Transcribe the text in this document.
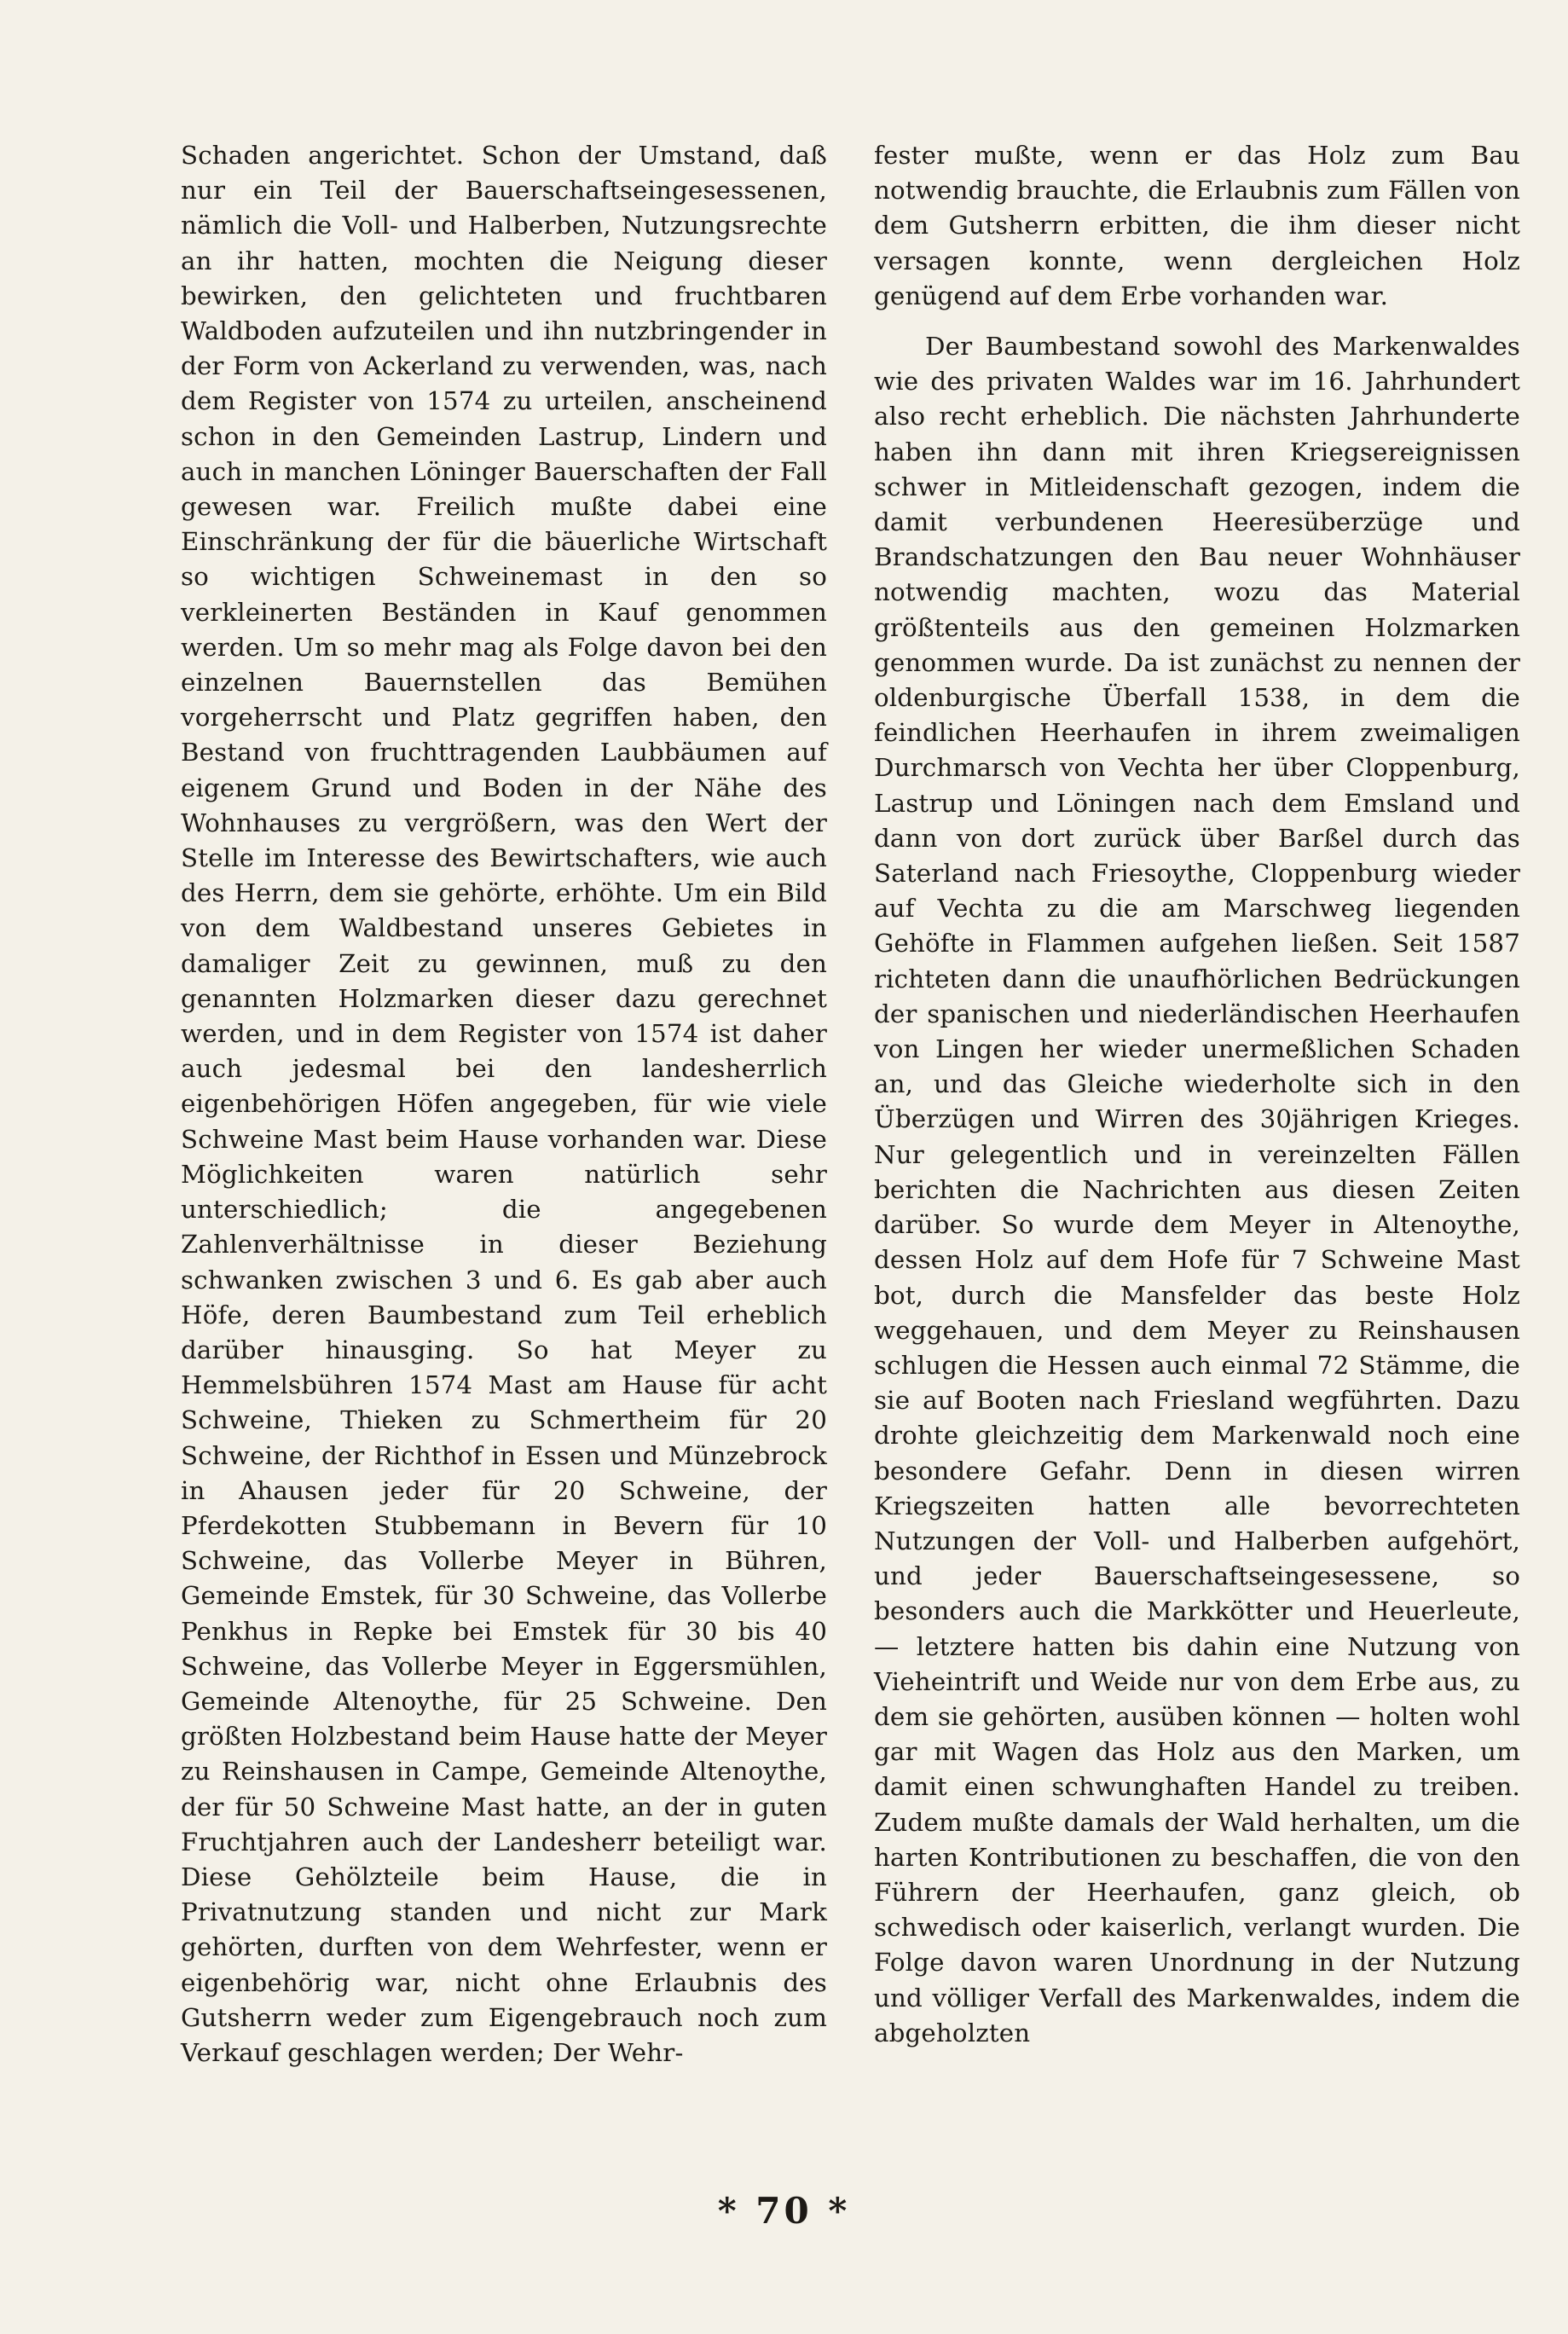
Schaden angerichtet. Schon der Umstand, daß nur ein Teil der Bauerschaftseingesessenen, nämlich die Voll- und Halberben, Nutzungsrechte an ihr hatten, mochten die Neigung dieser bewirken, den gelichteten und fruchtbaren Waldboden aufzuteilen und ihn nutzbringender in der Form von Ackerland zu verwenden, was, nach dem Register von 1574 zu urteilen, anscheinend schon in den Gemeinden Lastrup, Lindern und auch in manchen Löninger Bauerschaften der Fall gewesen war. Freilich mußte dabei eine Einschränkung der für die bäuerliche Wirtschaft so wichtigen Schweinemast in den so verkleinerten Beständen in Kauf genommen werden. Um so mehr mag als Folge davon bei den einzelnen Bauernstellen das Bemühen vorgeherrscht und Platz gegriffen haben, den Bestand von fruchttragenden Laubbäumen auf eigenem Grund und Boden in der Nähe des Wohnhauses zu vergrößern, was den Wert der Stelle im Interesse des Bewirtschafters, wie auch des Herrn, dem sie gehörte, erhöhte. Um ein Bild von dem Waldbestand unseres Gebietes in damaliger Zeit zu gewinnen, muß zu den genannten Holzmarken dieser dazu gerechnet werden, und in dem Register von 1574 ist daher auch jedesmal bei den landesherrlich eigenbehörigen Höfen angegeben, für wie viele Schweine Mast beim Hause vorhanden war. Diese Möglichkeiten waren natürlich sehr unterschiedlich; die angegebenen Zahlenverhältnisse in dieser Beziehung schwanken zwischen 3 und 6. Es gab aber auch Höfe, deren Baumbestand zum Teil erheblich darüber hinausging. So hat Meyer zu Hemmelsbühren 1574 Mast am Hause für acht Schweine, Thieken zu Schmertheim für 20 Schweine, der Richthof in Essen und Münzebrock in Ahausen jeder für 20 Schweine, der Pferdekotten Stubbemann in Bevern für 10 Schweine, das Vollerbe Meyer in Bühren, Gemeinde Emstek, für 30 Schweine, das Vollerbe Penkhus in Repke bei Emstek für 30 bis 40 Schweine, das Vollerbe Meyer in Eggersmühlen, Gemeinde Altenoythe, für 25 Schweine. Den größten Holzbestand beim Hause hatte der Meyer zu Reinshausen in Campe, Gemeinde Altenoythe, der für 50 Schweine Mast hatte, an der in guten Fruchtjahren auch der Landesherr beteiligt war. Diese Gehölzteile beim Hause, die in Privatnutzung standen und nicht zur Mark gehörten, durften von dem Wehrfester, wenn er eigenbehörig war, nicht ohne Erlaubnis des Gutsherrn weder zum Eigengebrauch noch zum Verkauf geschlagen werden; Der Wehr-

fester mußte, wenn er das Holz zum Bau notwendig brauchte, die Erlaubnis zum Fällen von dem Gutsherrn erbitten, die ihm dieser nicht versagen konnte, wenn dergleichen Holz genügend auf dem Erbe vorhanden war.

Der Baumbestand sowohl des Markenwaldes wie des privaten Waldes war im 16. Jahrhundert also recht erheblich. Die nächsten Jahrhunderte haben ihn dann mit ihren Kriegsereignissen schwer in Mitleidenschaft gezogen, indem die damit verbundenen Heeresüberzüge und Brandschatzungen den Bau neuer Wohnhäuser notwendig machten, wozu das Material größtenteils aus den gemeinen Holzmarken genommen wurde. Da ist zunächst zu nennen der oldenburgische Überfall 1538, in dem die feindlichen Heerhaufen in ihrem zweimaligen Durchmarsch von Vechta her über Cloppenburg, Lastrup und Löningen nach dem Emsland und dann von dort zurück über Barßel durch das Saterland nach Friesoythe, Cloppenburg wieder auf Vechta zu die am Marschweg liegenden Gehöfte in Flammen aufgehen ließen. Seit 1587 richteten dann die unaufhörlichen Bedrückungen der spanischen und niederländischen Heerhaufen von Lingen her wieder unermeßlichen Schaden an, und das Gleiche wiederholte sich in den Überzügen und Wirren des 30jährigen Krieges. Nur gelegentlich und in vereinzelten Fällen berichten die Nachrichten aus diesen Zeiten darüber. So wurde dem Meyer in Altenoythe, dessen Holz auf dem Hofe für 7 Schweine Mast bot, durch die Mansfelder das beste Holz weggehauen, und dem Meyer zu Reinshausen schlugen die Hessen auch einmal 72 Stämme, die sie auf Booten nach Friesland wegführten. Dazu drohte gleichzeitig dem Markenwald noch eine besondere Gefahr. Denn in diesen wirren Kriegszeiten hatten alle bevorrechteten Nutzungen der Voll- und Halberben aufgehört, und jeder Bauerschaftseingesessene, so besonders auch die Markkötter und Heuerleute, — letztere hatten bis dahin eine Nutzung von Vieheintrift und Weide nur von dem Erbe aus, zu dem sie gehörten, ausüben können — holten wohl gar mit Wagen das Holz aus den Marken, um damit einen schwunghaften Handel zu treiben. Zudem mußte damals der Wald herhalten, um die harten Kontributionen zu beschaffen, die von den Führern der Heerhaufen, ganz gleich, ob schwedisch oder kaiserlich, verlangt wurden. Die Folge davon waren Unordnung in der Nutzung und völliger Verfall des Markenwaldes, indem die abgeholzten

* 70 *
